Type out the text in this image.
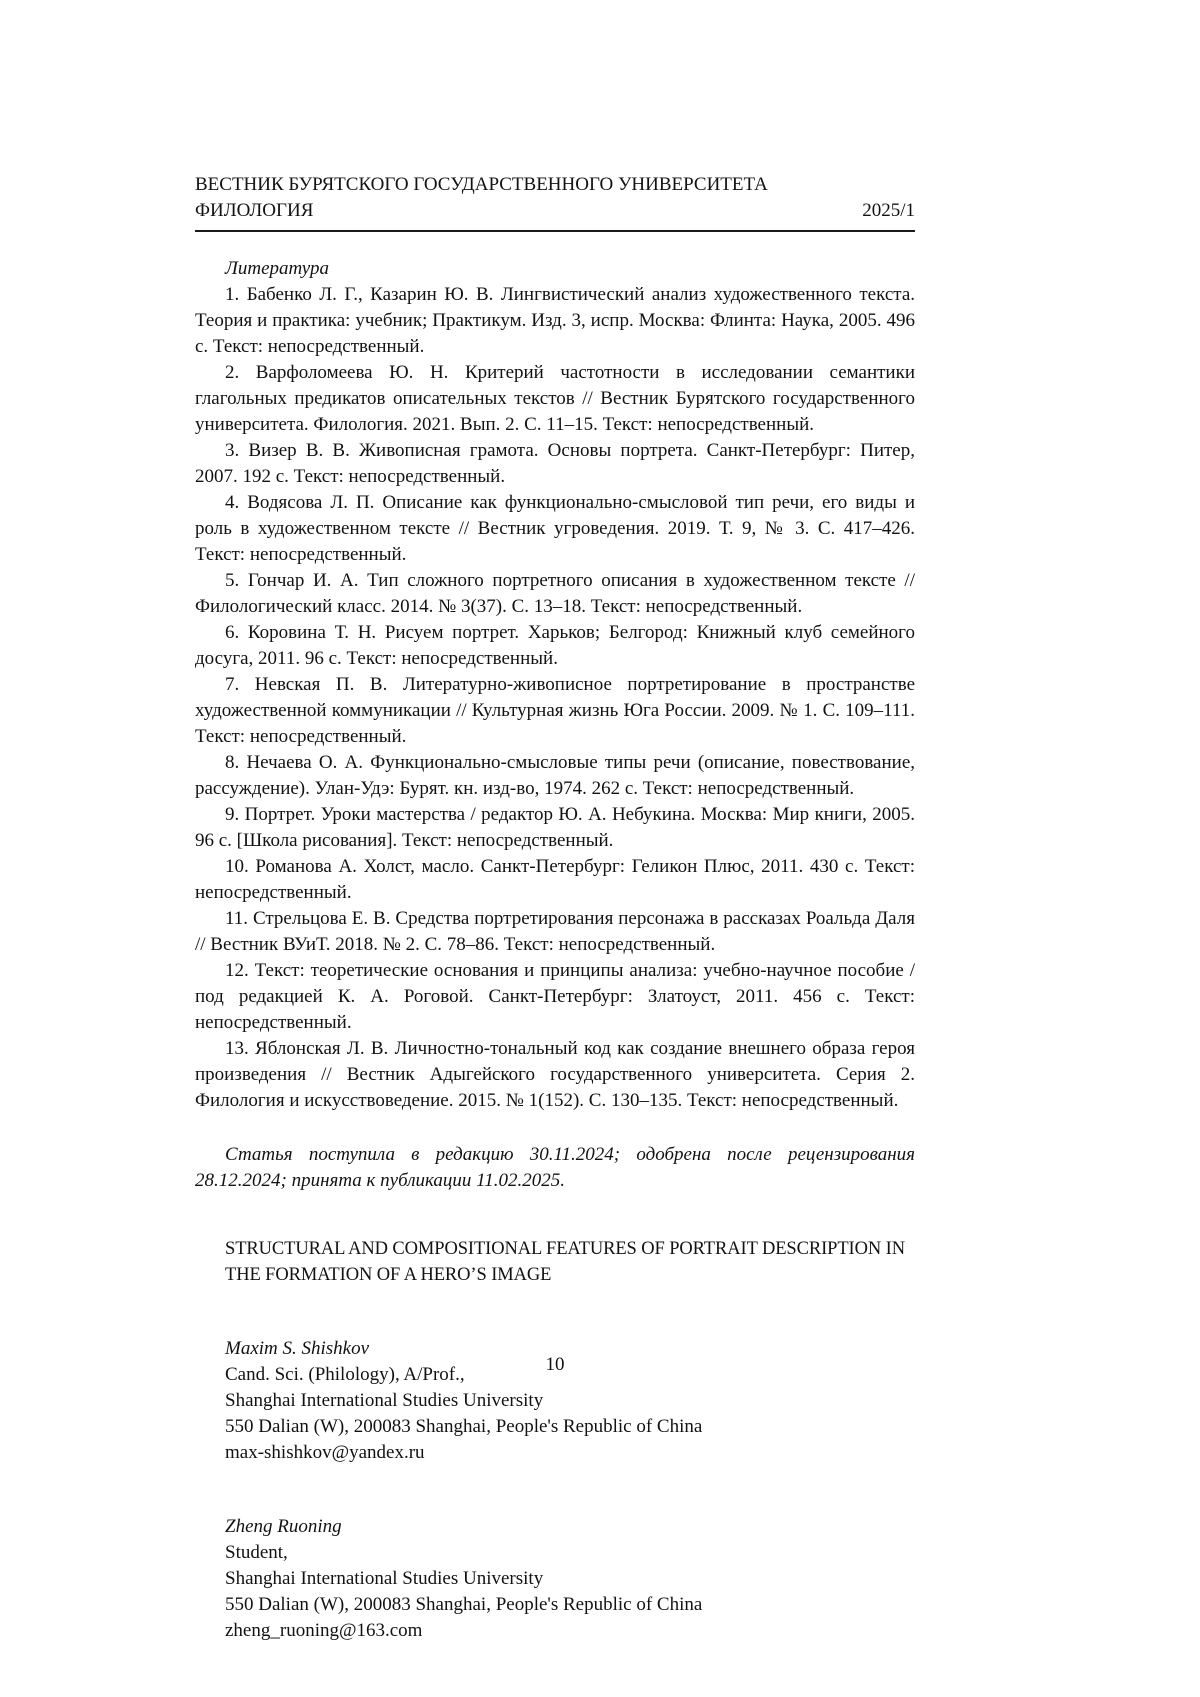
ВЕСТНИК БУРЯТСКОГО ГОСУДАРСТВЕННОГО УНИВЕРСИТЕТА
ФИЛОЛОГИЯ	2025/1

Литература

1. Бабенко Л. Г., Казарин Ю. В. Лингвистический анализ художественного текста. Теория и практика: учебник; Практикум. Изд. 3, испр. Москва: Флинта: Наука, 2005. 496 с. Текст: непосредственный.

2. Варфоломеева Ю. Н. Критерий частотности в исследовании семантики глагольных предикатов описательных текстов // Вестник Бурятского государственного университета. Филология. 2021. Вып. 2. С. 11–15. Текст: непосредственный.

3. Визер В. В. Живописная грамота. Основы портрета. Санкт-Петербург: Питер, 2007. 192 с. Текст: непосредственный.

4. Водясова Л. П. Описание как функционально-смысловой тип речи, его виды и роль в художественном тексте // Вестник угроведения. 2019. Т. 9, № 3. С. 417–426. Текст: непосредственный.

5. Гончар И. А. Тип сложного портретного описания в художественном тексте // Филологический класс. 2014. № 3(37). С. 13–18. Текст: непосредственный.

6. Коровина Т. Н. Рисуем портрет. Харьков; Белгород: Книжный клуб семейного досуга, 2011. 96 с. Текст: непосредственный.

7. Невская П. В. Литературно-живописное портретирование в пространстве художественной коммуникации // Культурная жизнь Юга России. 2009. № 1. С. 109–111. Текст: непосредственный.

8. Нечаева О. А. Функционально-смысловые типы речи (описание, повествование, рассуждение). Улан-Удэ: Бурят. кн. изд-во, 1974. 262 с. Текст: непосредственный.

9. Портрет. Уроки мастерства / редактор Ю. А. Небукина. Москва: Мир книги, 2005. 96 с. [Школа рисования]. Текст: непосредственный.

10. Романова А. Холст, масло. Санкт-Петербург: Геликон Плюс, 2011. 430 с. Текст: непосредственный.

11. Стрельцова Е. В. Средства портретирования персонажа в рассказах Роальда Даля // Вестник ВУиТ. 2018. № 2. С. 78–86. Текст: непосредственный.

12. Текст: теоретические основания и принципы анализа: учебно-научное пособие / под редакцией К. А. Роговой. Санкт-Петербург: Златоуст, 2011. 456 с. Текст: непосредственный.

13. Яблонская Л. В. Личностно-тональный код как создание внешнего образа героя произведения // Вестник Адыгейского государственного университета. Серия 2. Филология и искусствоведение. 2015. № 1(152). С. 130–135. Текст: непосредственный.

Статья поступила в редакцию 30.11.2024; одобрена после рецензирования 28.12.2024; принята к публикации 11.02.2025.

STRUCTURAL AND COMPOSITIONAL FEATURES OF PORTRAIT DESCRIPTION IN THE FORMATION OF A HERO’S IMAGE

Maxim S. Shishkov

Cand. Sci. (Philology), A/Prof.,

Shanghai International Studies University

550 Dalian (W), 200083 Shanghai, People's Republic of China

max-shishkov@yandex.ru

Zheng Ruoning

Student,

Shanghai International Studies University

550 Dalian (W), 200083 Shanghai, People's Republic of China

zheng_ruoning@163.com

10
